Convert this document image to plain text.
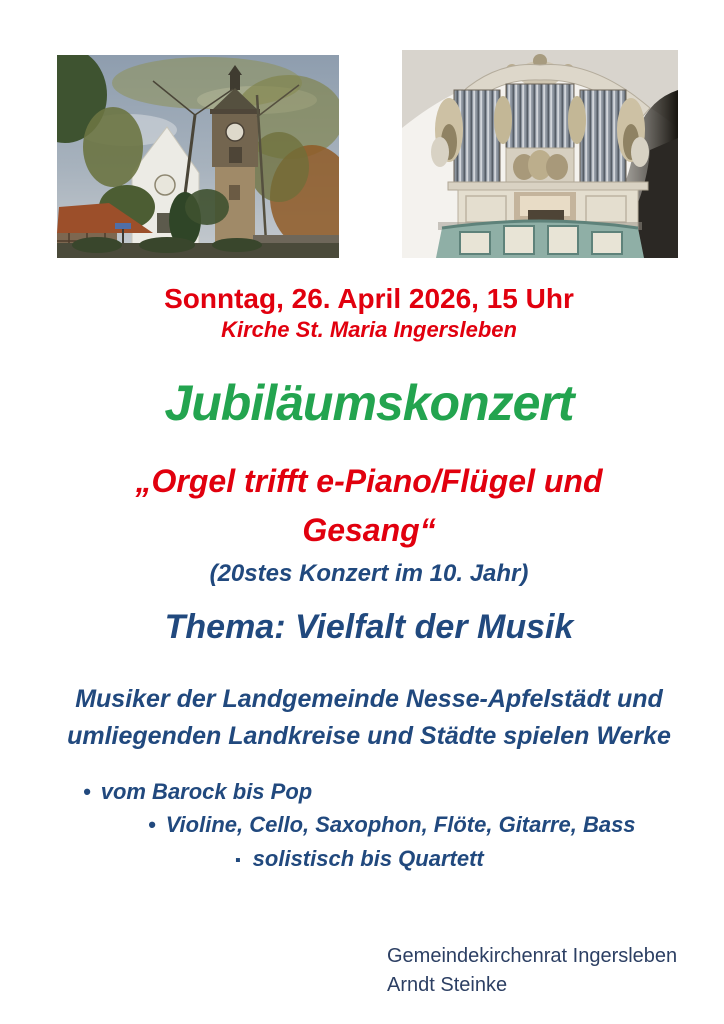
Sonntag, 26. April 2026, 15 Uhr
Kirche St. Maria Ingersleben
Jubiläumskonzert
„Orgel trifft e-Piano/Flügel und
Gesang“
(20stes Konzert im 10. Jahr)
Thema: Vielfalt der Musik
Musiker der Landgemeinde Nesse-Apfelstädt und
umliegenden Landkreise und Städte spielen Werke
• vom Barock bis Pop
• Violine, Cello, Saxophon, Flöte, Gitarre, Bass
▪ solistisch bis Quartett
Gemeindekirchenrat Ingersleben
Arndt Steinke
